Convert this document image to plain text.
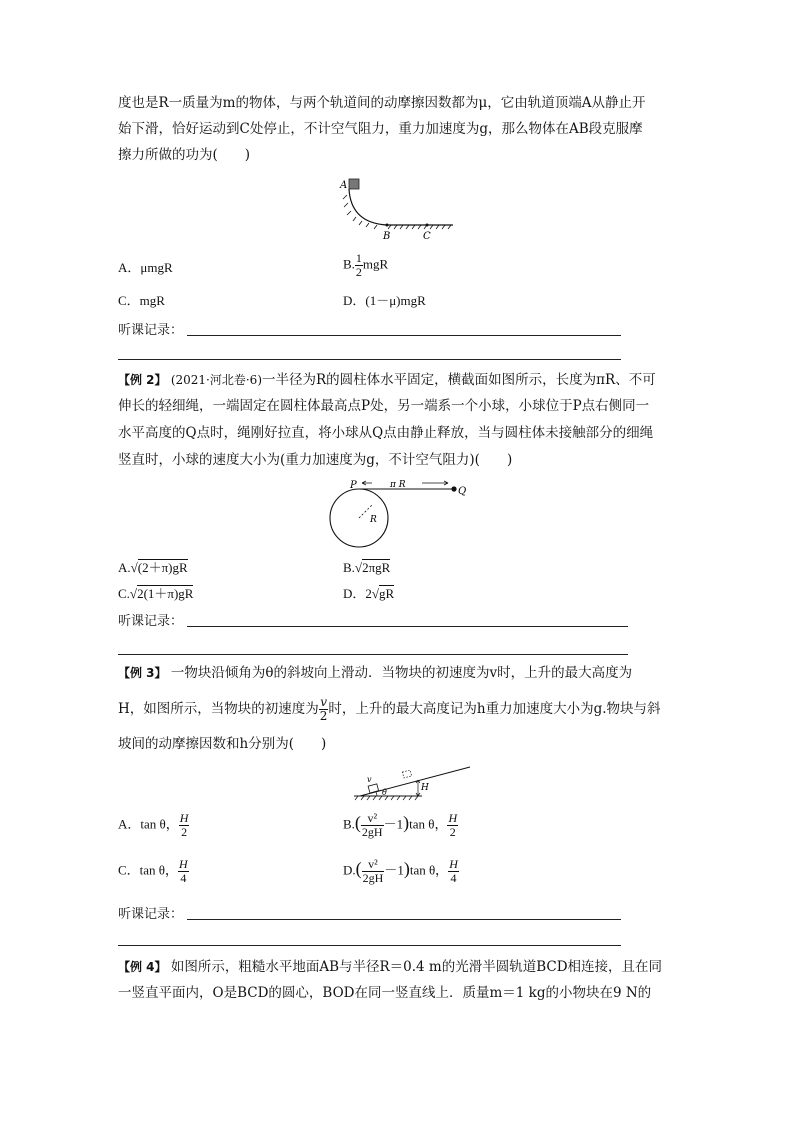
度也是R一质量为m的物体，与两个轨道间的动摩擦因数都为μ，它由轨道顶端A从静止开
始下滑，恰好运动到C处停止，不计空气阻力，重力加速度为g，那么物体在AB段克服摩
擦力所做的功为(　　)
A
B	C
A．μmgR	B. $\frac{1}{2}$ mgR
C．mgR	D．(1－μ)mgR
听课记录：
【例 2】 (2021·河北卷·6)一半径为R的圆柱体水平固定，横截面如图所示，长度为πR、不可
伸长的轻细绳，一端固定在圆柱体最高点P处，另一端系一个小球，小球位于P点右侧同一
水平高度的Q点时，绳刚好拉直，将小球从Q点由静止释放，当与圆柱体未接触部分的细绳
竖直时，小球的速度大小为(重力加速度为g，不计空气阻力)(　　)
P
Q
π R
R
A.√(2＋π)gR	B.√2πgR
C.√2(1＋π)gR	D．2√gR
听课记录：
【例 3】 一物块沿倾角为θ的斜坡向上滑动．当物块的初速度为v时，上升的最大高度为
H，如图所示，当物块的初速度为 $\frac{v}{2}$ 时，上升的最大高度记为h重力加速度大小为g.物块与斜
坡间的动摩擦因数和h分别为(　　)
v
θ	H
A．tan θ， $\frac{H}{2}$	$B.( \frac{\text{v²}}{2gH} -1)\tan$ θ， $\frac{H}{2}$
C．tan θ， $\frac{H}{4}$	$D.( \frac{\text{v²}}{2gH} -1)\tan$ θ， $\frac{H}{4}$
听课记录：
【例 4】 如图所示，粗糙水平地面AB与半径R＝0.4 m的光滑半圆轨道BCD相连接，且在同
一竖直平面内，O是BCD的圆心，BOD在同一竖直线上．质量m＝1 kg的小物块在9 N的
